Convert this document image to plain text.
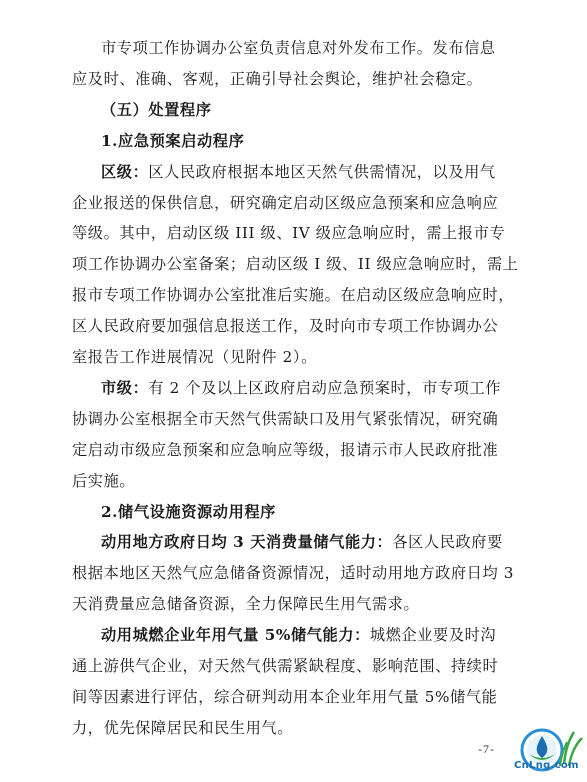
市专项工作协调办公室负责信息对外发布工作。发布信息
应及时、准确、客观，正确引导社会舆论，维护社会稳定。
（五）处置程序
1.应急预案启动程序
区级：区人民政府根据本地区天然气供需情况，以及用气
企业报送的保供信息，研究确定启动区级应急预案和应急响应
等级。其中，启动区级 III 级、IV 级应急响应时，需上报市专
项工作协调办公室备案；启动区级 I 级、II 级应急响应时，需上
报市专项工作协调办公室批准后实施。在启动区级应急响应时，
区人民政府要加强信息报送工作，及时向市专项工作协调办公
室报告工作进展情况（见附件 2）。
市级：有 2 个及以上区政府启动应急预案时，市专项工作
协调办公室根据全市天然气供需缺口及用气紧张情况，研究确
定启动市级应急预案和应急响应等级，报请示市人民政府批准
后实施。
2.储气设施资源动用程序
动用地方政府日均 3 天消费量储气能力：各区人民政府要
根据本地区天然气应急储备资源情况，适时动用地方政府日均 3
天消费量应急储备资源，全力保障民生用气需求。
动用城燃企业年用气量 5%储气能力：城燃企业要及时沟
通上游供气企业，对天然气供需紧缺程度、影响范围、持续时
间等因素进行评估，综合研判动用本企业年用气量 5%储气能
力，优先保障居民和民生用气。
-7-
CnLng.com
